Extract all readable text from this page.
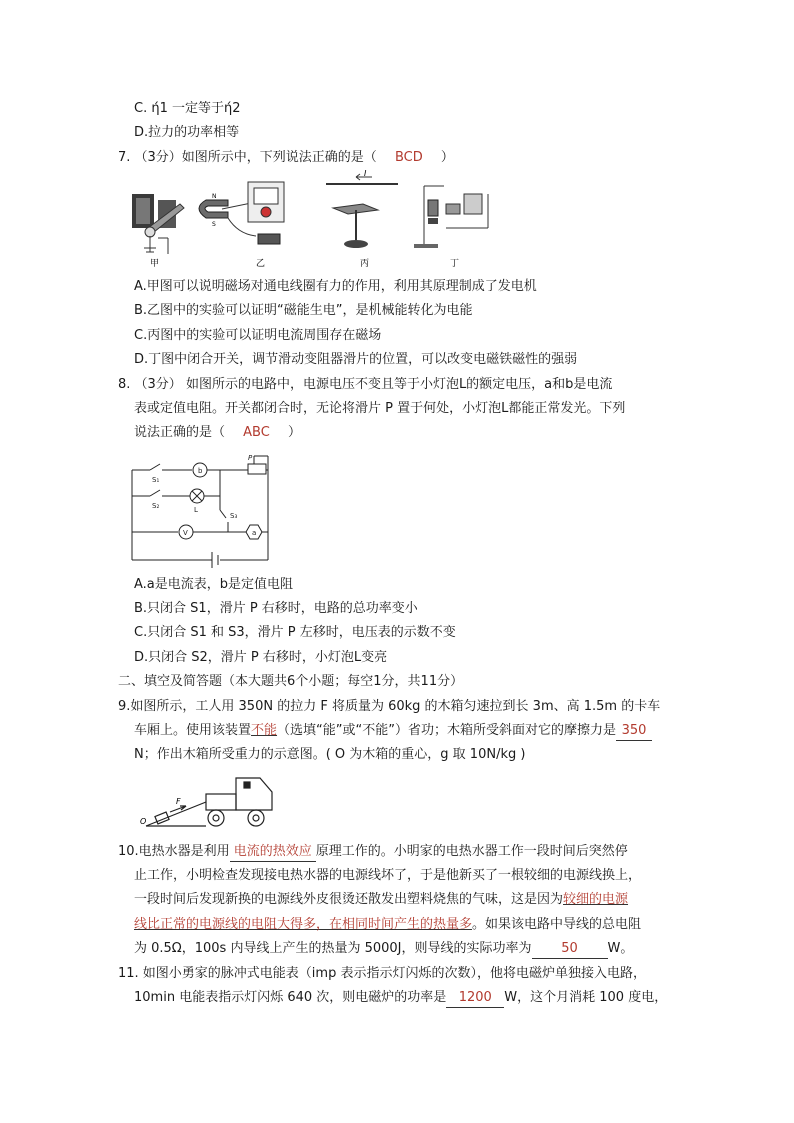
C. ή1 一定等于ή2
D.拉力的功率相等
7. （3分）如图所示中，下列说法正确的是（ BCD ）
甲
N
S
乙
I
丙	丁
A.甲图可以说明磁场对通电线圈有力的作用，利用其原理制成了发电机
B.乙图中的实验可以证明“磁能生电”，是机械能转化为电能
C.丙图中的实验可以证明电流周围存在磁场
D.丁图中闭合开关，调节滑动变阻器滑片的位置，可以改变电磁铁磁性的强弱
8. （3分） 如图所示的电路中，电源电压不变且等于小灯泡L的额定电压，a和b是电流
表或定值电阻。开关都闭合时，无论将滑片 P 置于何处，小灯泡L都能正常发光。下列
说法正确的是（ ABC ）
P
b
S₁
S₂	L
S₃
V	a
A.a是电流表，b是定值电阻
B.只闭合 S1，滑片 P 右移时，电路的总功率变小
C.只闭合 S1 和 S3，滑片 P 左移时，电压表的示数不变
D.只闭合 S2，滑片 P 右移时，小灯泡L变亮
二、填空及简答题（本大题共6个小题；每空1分，共11分）
9.如图所示，工人用 350N 的拉力 F 将质量为 60kg 的木箱匀速拉到长 3m、高 1.5m 的卡车
车厢上。使用该装置不能（选填“能”或“不能”）省功；木箱所受斜面对它的摩擦力是 350
N；作出木箱所受重力的示意图。( O 为木箱的重心，g 取 10N/kg )
F
O
10.电热水器是利用 电流的热效应 原理工作的。小明家的电热水器工作一段时间后突然停
止工作，小明检查发现接电热水器的电源线坏了，于是他新买了一根较细的电源线换上，
一段时间后发现新换的电源线外皮很烫还散发出塑料烧焦的气味，这是因为较细的电源
线比正常的电源线的电阻大得多，在相同时间产生的热量多。如果该电路中导线的总电阻
为 0.5Ω，100s 内导线上产生的热量为 5000J，则导线的实际功率为 50 W。
11. 如图小勇家的脉冲式电能表（imp 表示指示灯闪烁的次数），他将电磁炉单独接入电路，
10min 电能表指示灯闪烁 640 次，则电磁炉的功率是 1200 W，这个月消耗 100 度电，
